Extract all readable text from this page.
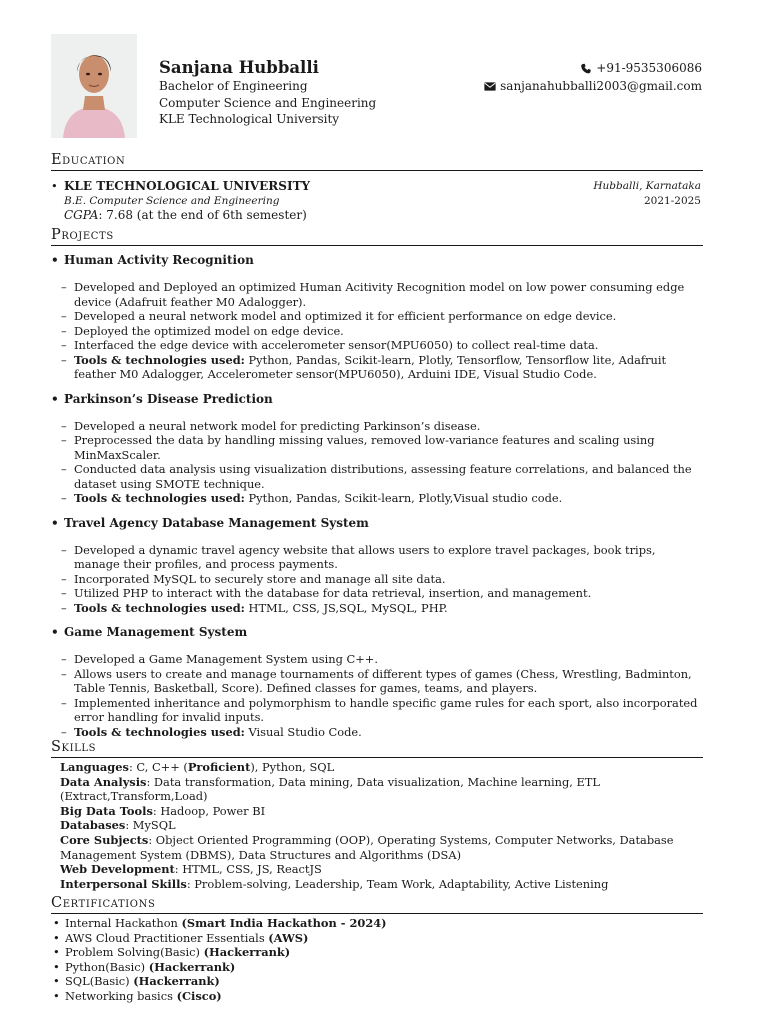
Sanjana Hubballi
Bachelor of Engineering
Computer Science and Engineering
KLE Technological University
+91-9535306086
sanjanahubballi2003@gmail.com
Education
• KLE TECHNOLOGICAL UNIVERSITY	Hubballi, Karnataka
B.E. Computer Science and Engineering	2021-2025
CGPA: 7.68 (at the end of 6th semester)
Projects
• Human Activity Recognition
– Developed and Deployed an optimized Human Acitivity Recognition model on low power consuming edge device (Adafruit feather M0 Adalogger).
– Developed a neural network model and optimized it for efficient performance on edge device.
– Deployed the optimized model on edge device.
– Interfaced the edge device with accelerometer sensor(MPU6050) to collect real-time data.
– Tools & technologies used: Python, Pandas, Scikit-learn, Plotly, Tensorflow, Tensorflow lite, Adafruit feather M0 Adalogger, Accelerometer sensor(MPU6050), Arduini IDE, Visual Studio Code.
• Parkinson’s Disease Prediction
– Developed a neural network model for predicting Parkinson’s disease.
– Preprocessed the data by handling missing values, removed low-variance features and scaling using MinMaxScaler.
– Conducted data analysis using visualization distributions, assessing feature correlations, and balanced the dataset using SMOTE technique.
– Tools & technologies used: Python, Pandas, Scikit-learn, Plotly,Visual studio code.
• Travel Agency Database Management System
– Developed a dynamic travel agency website that allows users to explore travel packages, book trips, manage their profiles, and process payments.
– Incorporated MySQL to securely store and manage all site data.
– Utilized PHP to interact with the database for data retrieval, insertion, and management.
– Tools & technologies used: HTML, CSS, JS,SQL, MySQL, PHP.
• Game Management System
– Developed a Game Management System using C++.
– Allows users to create and manage tournaments of different types of games (Chess, Wrestling, Badminton, Table Tennis, Basketball, Score). Defined classes for games, teams, and players.
– Implemented inheritance and polymorphism to handle specific game rules for each sport, also incorporated error handling for invalid inputs.
– Tools & technologies used: Visual Studio Code.
Skills

Languages: C, C++ (Proficient), Python, SQL

Data Analysis: Data transformation, Data mining, Data visualization, Machine learning, ETL (Extract,Transform,Load)

Big Data Tools: Hadoop, Power BI

Databases: MySQL

Core Subjects: Object Oriented Programming (OOP), Operating Systems, Computer Networks, Database Management System (DBMS), Data Structures and Algorithms (DSA)

Web Development: HTML, CSS, JS, ReactJS

Interpersonal Skills: Problem-solving, Leadership, Team Work, Adaptability, Active Listening

Certifications
• Internal Hackathon (Smart India Hackathon - 2024)
• AWS Cloud Practitioner Essentials (AWS)
• Problem Solving(Basic) (Hackerrank)
• Python(Basic) (Hackerrank)
• SQL(Basic) (Hackerrank)
• Networking basics (Cisco)
